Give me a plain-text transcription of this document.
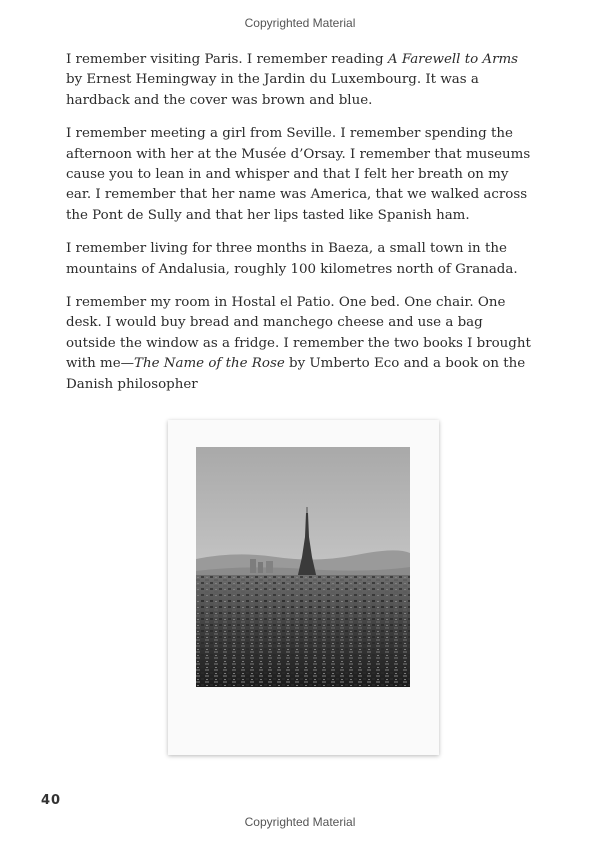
Copyrighted Material

I remember visiting Paris. I remember reading A Farewell to Arms by Ernest Hemingway in the Jardin du Luxembourg. It was a hardback and the cover was brown and blue.

I remember meeting a girl from Seville. I remember spending the afternoon with her at the Musée d’Orsay. I remember that museums cause you to lean in and whisper and that I felt her breath on my ear. I remember that her name was America, that we walked across the Pont de Sully and that her lips tasted like Spanish ham.

I remember living for three months in Baeza, a small town in the mountains of Andalusia, roughly 100 kilometres north of Granada.

I remember my room in Hostal el Patio. One bed. One chair. One desk. I would buy bread and manchego cheese and use a bag outside the window as a fridge. I remember the two books I brought with me—The Name of the Rose by Umberto Eco and a book on the Danish philosopher

40
Copyrighted Material
